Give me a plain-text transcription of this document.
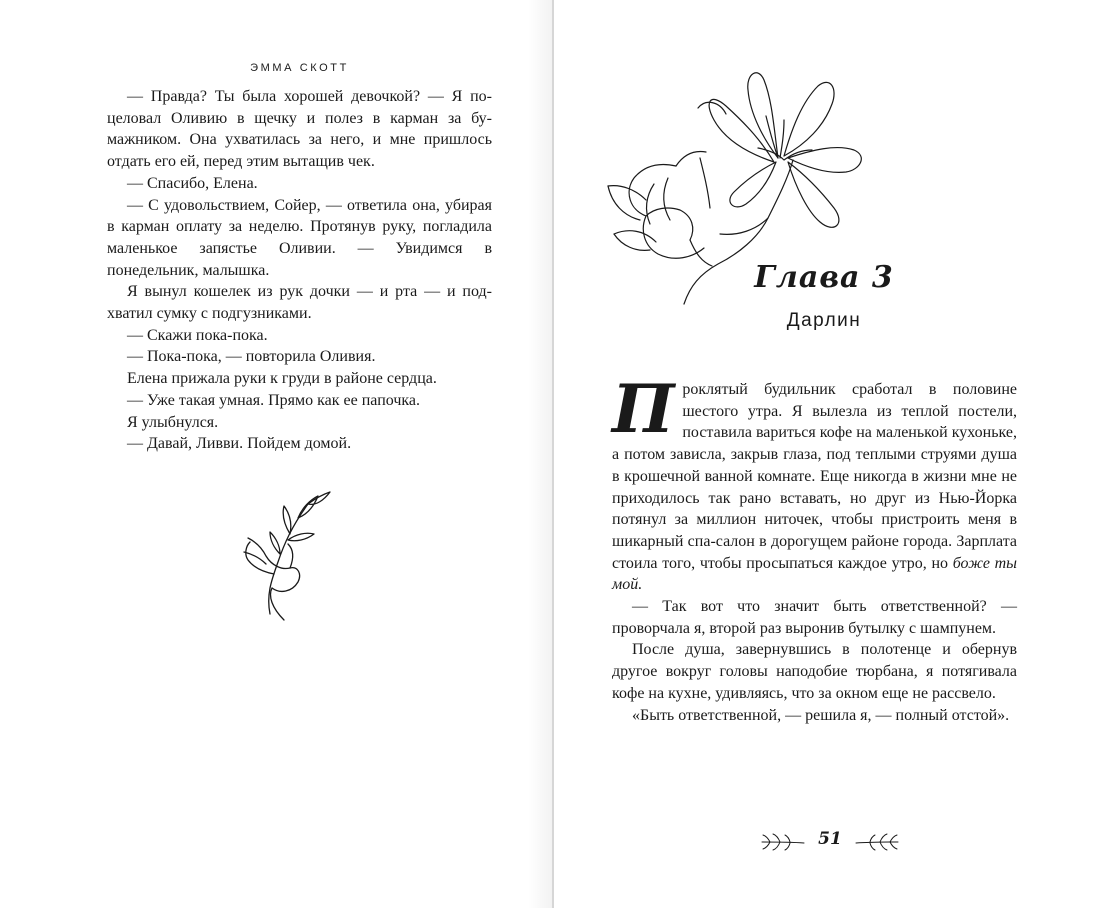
ЭММА СКОТТ

— Правда? Ты была хорошей девочкой? — Я поцеловал Оливию в щечку и полез в карман за бумажником. Она ухватилась за него, и мне пришлось отдать его ей, перед этим вытащив чек.

— Спасибо, Елена.

— С удовольствием, Сойер, — ответила она, убирая в карман оплату за неделю. Протянув руку, погладила маленькое запястье Оливии. — Увидимся в понедельник, малышка.

Я вынул кошелек из рук дочки — и рта — и подхватил сумку с подгузниками.

— Скажи пока-пока.

— Пока-пока, — повторила Оливия.

Елена прижала руки к груди в районе сердца.

— Уже такая умная. Прямо как ее папочка.

Я улыбнулся.

— Давай, Ливви. Пойдем домой.

Глава 3
Дарлин

Проклятый будильник сработал в половине шестого утра. Я вылезла из теплой постели, поставила вариться кофе на маленькой кухоньке, а потом зависла, закрыв глаза, под теплыми струями душа в крошечной ванной комнате. Еще никогда в жизни мне не приходилось так рано вставать, но друг из Нью-Йорка потянул за миллион ниточек, чтобы пристроить меня в шикарный спа-салон в дорогущем районе города. Зарплата стоила того, чтобы просыпаться каждое утро, но боже ты мой.

— Так вот что значит быть ответственной? — проворчала я, второй раз выронив бутылку с шампунем.

После душа, завернувшись в полотенце и обернув другое вокруг головы наподобие тюрбана, я потягивала кофе на кухне, удивляясь, что за окном еще не рассвело.

«Быть ответственной, — решила я, — полный отстой».

51
